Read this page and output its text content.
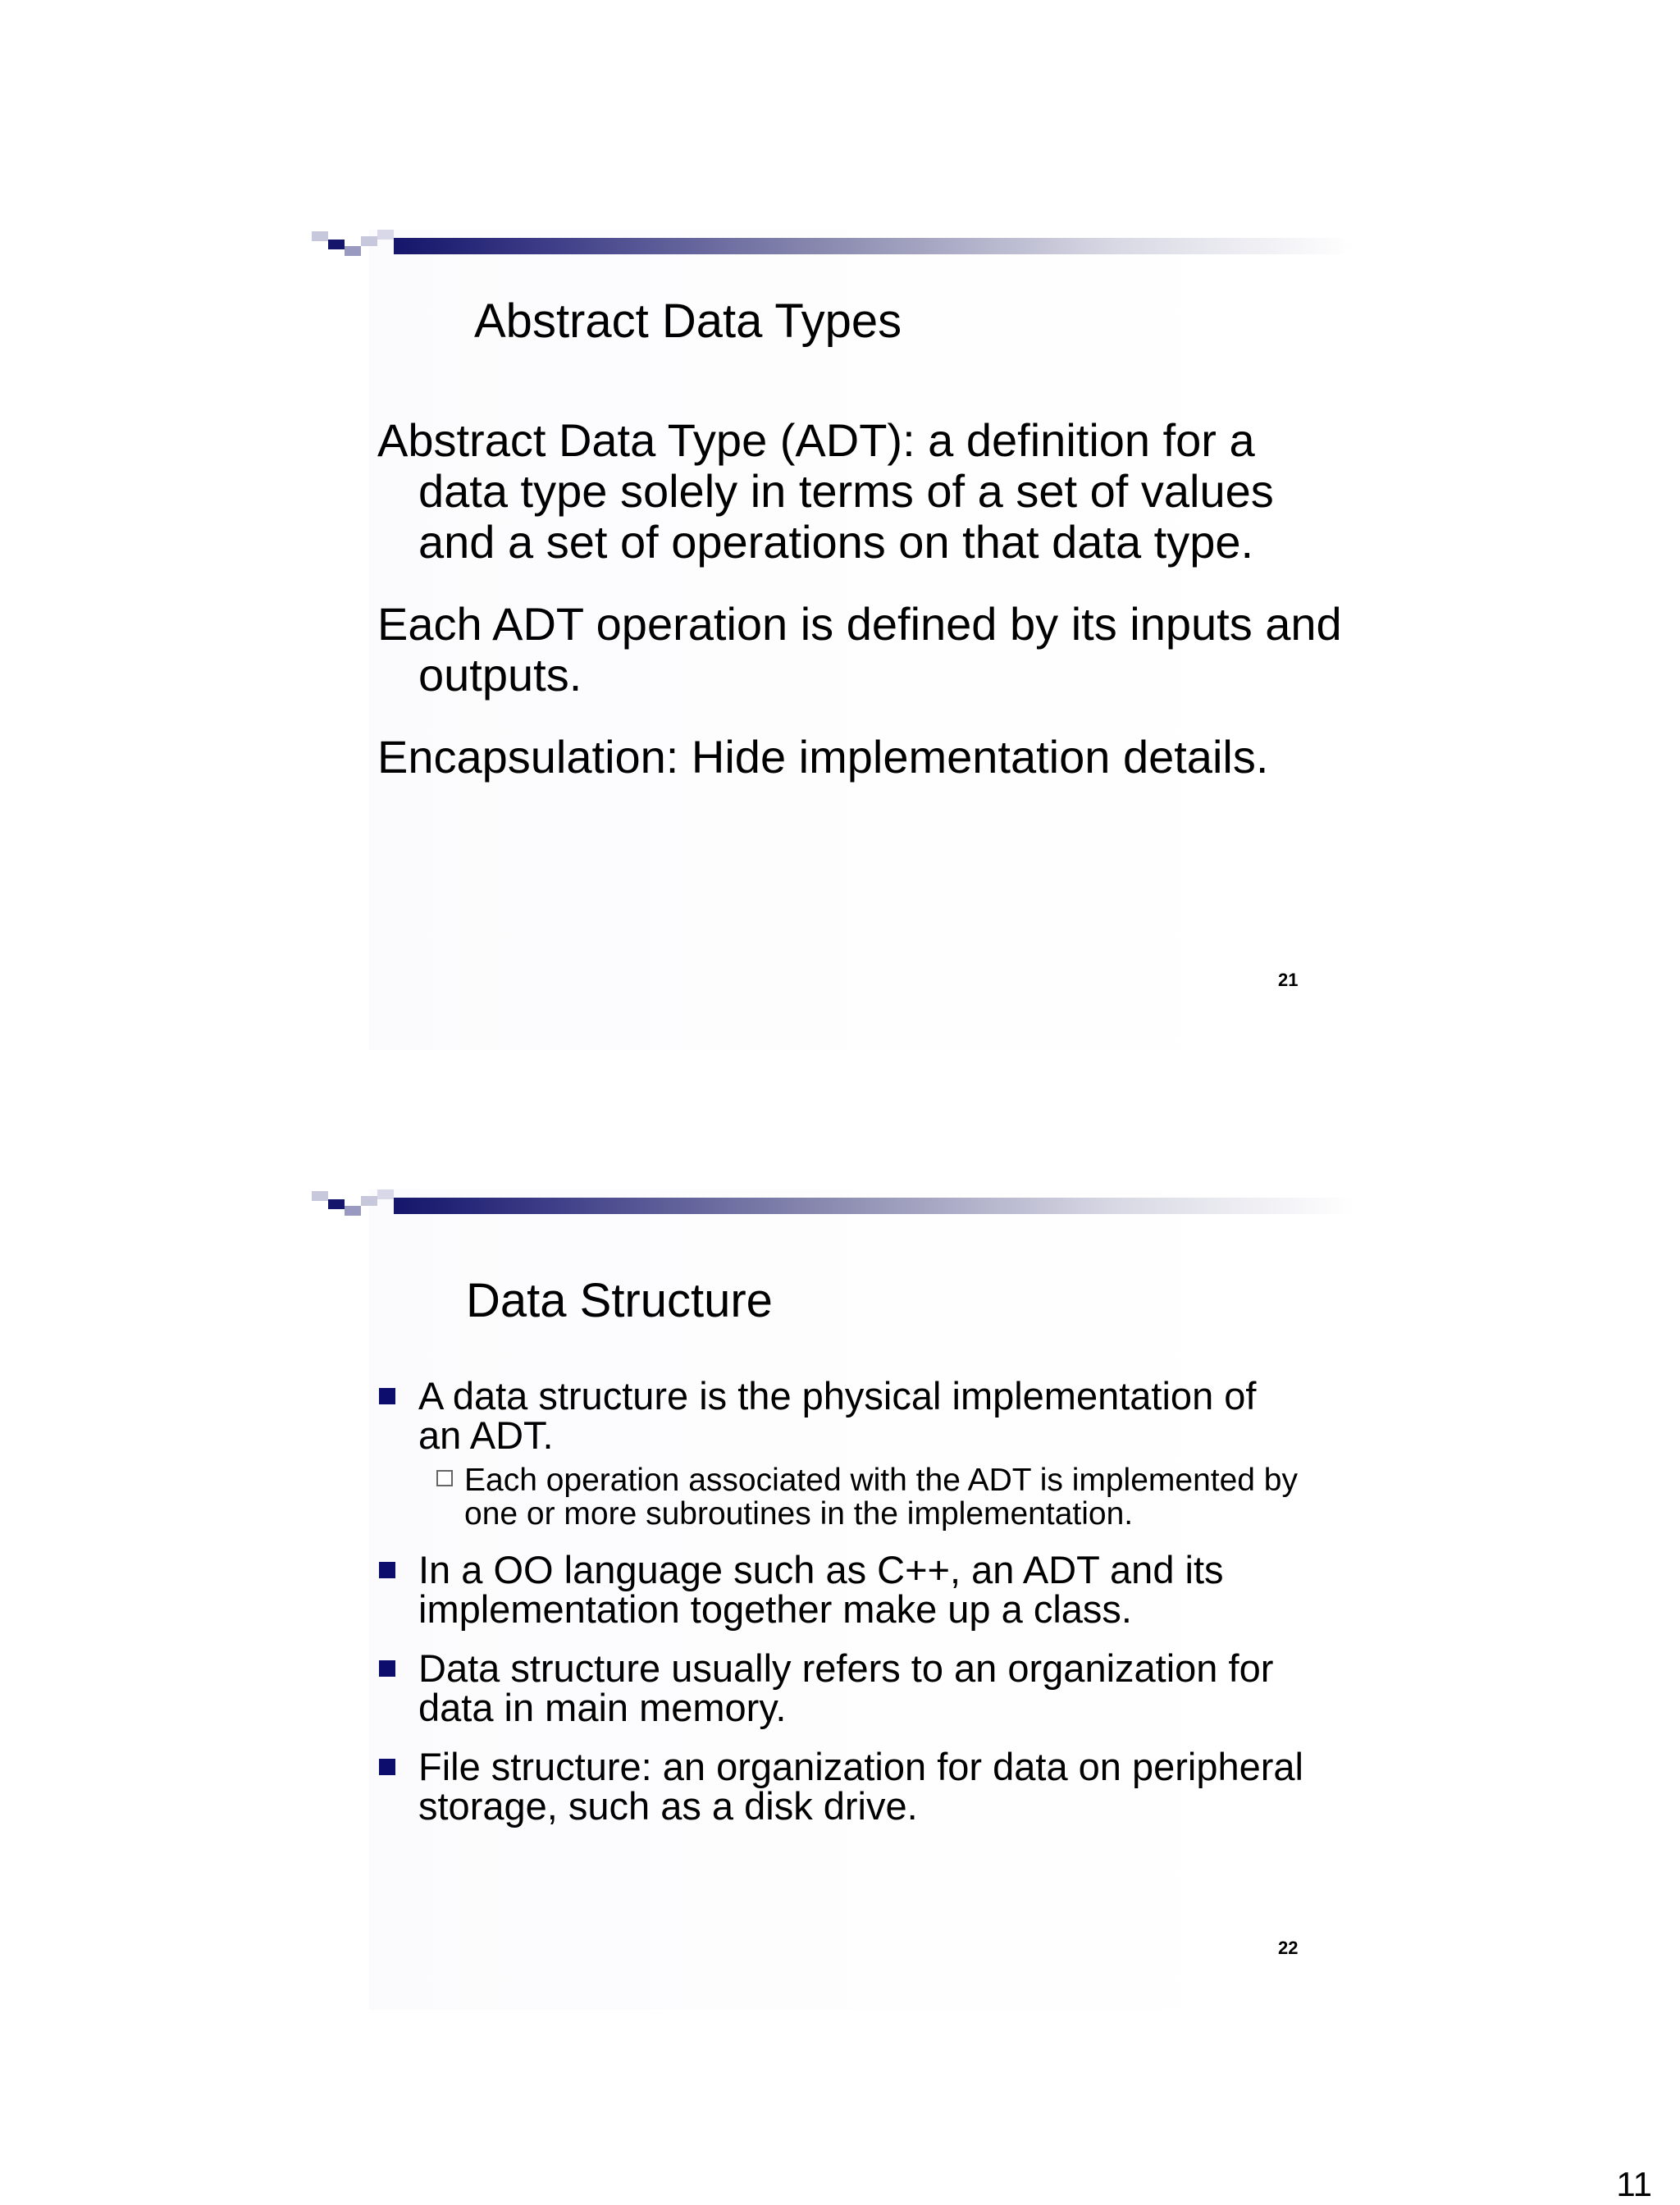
Abstract Data Types
Abstract Data Type (ADT): a definition for a data type solely in terms of a set of values and a set of operations on that data type.
Each ADT operation is defined by its inputs and outputs.
Encapsulation: Hide implementation details.
21
Data Structure
A data structure is the physical implementation of an ADT.
Each operation associated with the ADT is implemented by one or more subroutines in the implementation.
In a OO language such as C++, an ADT and its implementation together make up a class.
Data structure usually refers to an organization for data in main memory.
File structure: an organization for data on peripheral storage, such as a disk drive.
22
11
